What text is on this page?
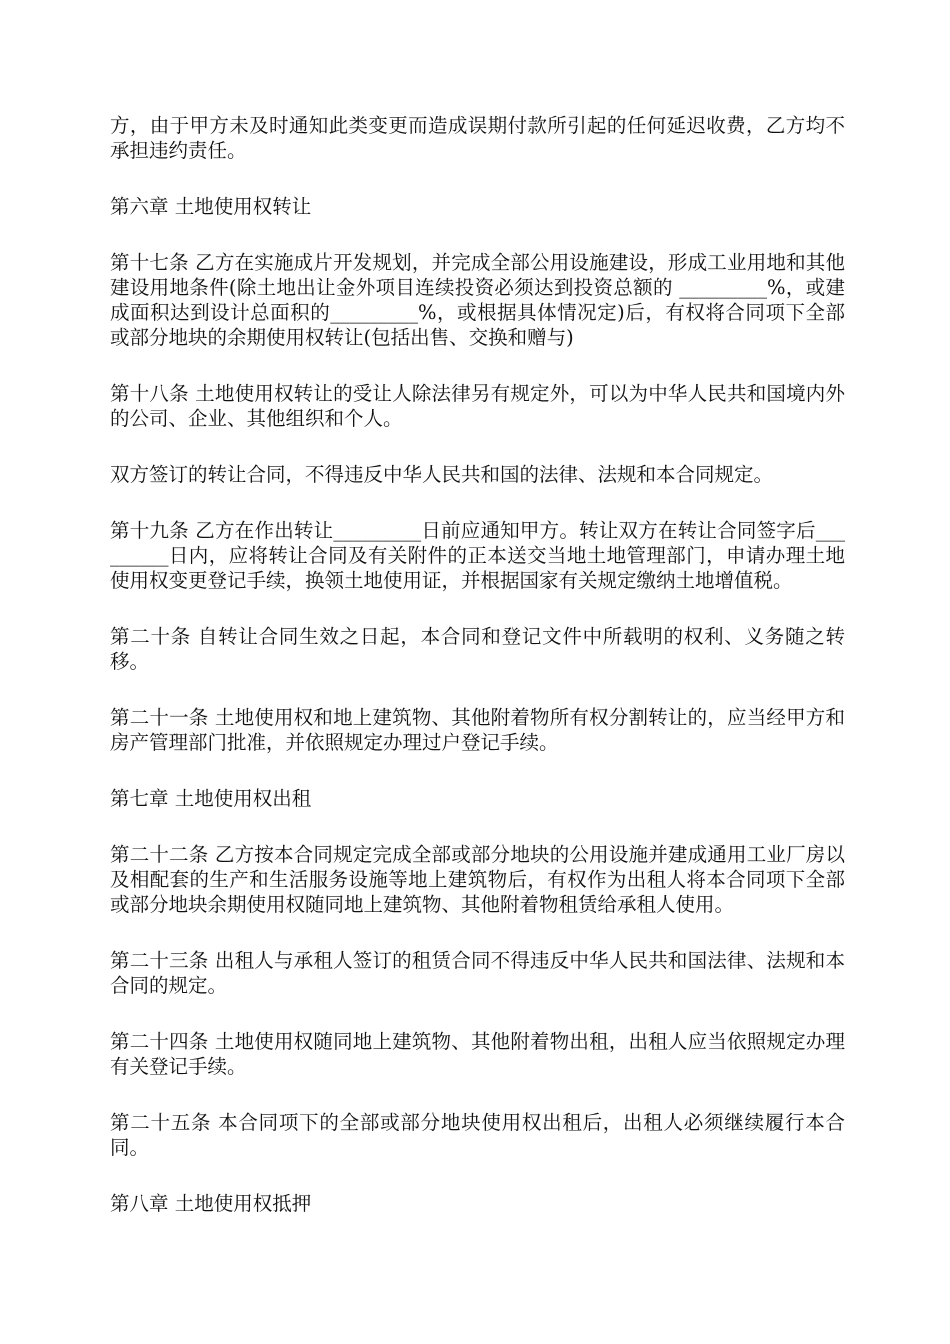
方，由于甲方未及时通知此类变更而造成误期付款所引起的任何延迟收费，乙方均不承担违约责任。

第六章 土地使用权转让

第十七条 乙方在实施成片开发规划，并完成全部公用设施建设，形成工业用地和其他建设用地条件(除土地出让金外项目连续投资必须达到投资总额的 _________%，或建成面积达到设计总面积的_________%，或根据具体情况定)后，有权将合同项下全部或部分地块的余期使用权转让(包括出售、交换和赠与)

第十八条 土地使用权转让的受让人除法律另有规定外，可以为中华人民共和国境内外的公司、企业、其他组织和个人。

双方签订的转让合同，不得违反中华人民共和国的法律、法规和本合同规定。

第十九条 乙方在作出转让_________日前应通知甲方。转让双方在转让合同签字后_________日内，应将转让合同及有关附件的正本送交当地土地管理部门，申请办理土地使用权变更登记手续，换领土地使用证，并根据国家有关规定缴纳土地增值税。

第二十条 自转让合同生效之日起，本合同和登记文件中所载明的权利、义务随之转移。

第二十一条 土地使用权和地上建筑物、其他附着物所有权分割转让的，应当经甲方和房产管理部门批准，并依照规定办理过户登记手续。

第七章 土地使用权出租

第二十二条 乙方按本合同规定完成全部或部分地块的公用设施并建成通用工业厂房以及相配套的生产和生活服务设施等地上建筑物后，有权作为出租人将本合同项下全部或部分地块余期使用权随同地上建筑物、其他附着物租赁给承租人使用。

第二十三条 出租人与承租人签订的租赁合同不得违反中华人民共和国法律、法规和本合同的规定。

第二十四条 土地使用权随同地上建筑物、其他附着物出租，出租人应当依照规定办理有关登记手续。

第二十五条 本合同项下的全部或部分地块使用权出租后，出租人必须继续履行本合同。

第八章 土地使用权抵押
